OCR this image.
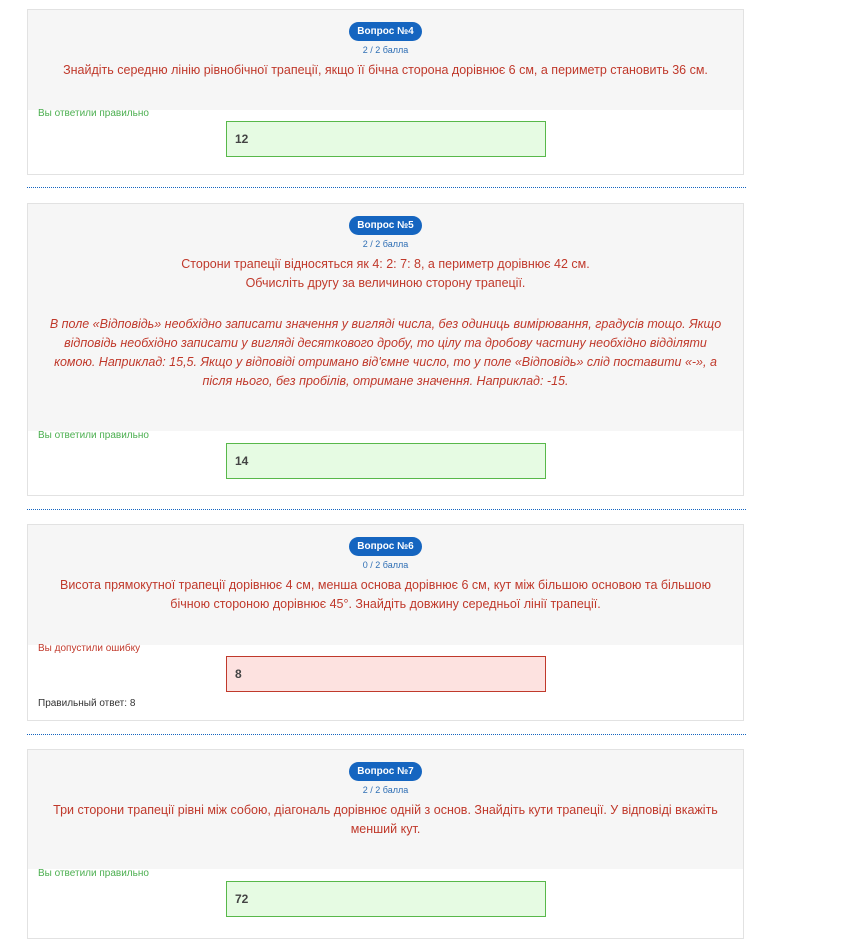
Вопрос №4
2 / 2 балла
Знайдіть середню лінію рівнобічної трапеції, якщо її бічна сторона дорівнює 6 см, а периметр становить 36 см.
Вы ответили правильно
12
Вопрос №5
2 / 2 балла
Сторони трапеції відносяться як 4: 2: 7: 8, а периметр дорівнює 42 см.
Обчисліть другу за величиною сторону трапеції.
В поле «Відповідь» необхідно записати значення у вигляді числа, без одиниць вимірювання, градусів тощо. Якщо відповідь необхідно записати у вигляді десяткового дробу, то цілу та дробову частину необхідно відділяти комою. Наприклад: 15,5. Якщо у відповіді отримано від'ємне число, то у поле «Відповідь» слід поставити «-», а після нього, без пробілів, отримане значення. Наприклад: -15.
Вы ответили правильно
14
Вопрос №6
0 / 2 балла
Висота прямокутної трапеції дорівнює 4 см, менша основа дорівнює 6 см, кут між більшою основою та більшою бічною стороною дорівнює 45°. Знайдіть довжину середньої лінії трапеції.
Вы допустили ошибку
8
Правильный ответ: 8
Вопрос №7
2 / 2 балла
Три сторони трапеції рівні між собою, діагональ дорівнює одній з основ. Знайдіть кути трапеції. У відповіді вкажіть менший кут.
Вы ответили правильно
72
